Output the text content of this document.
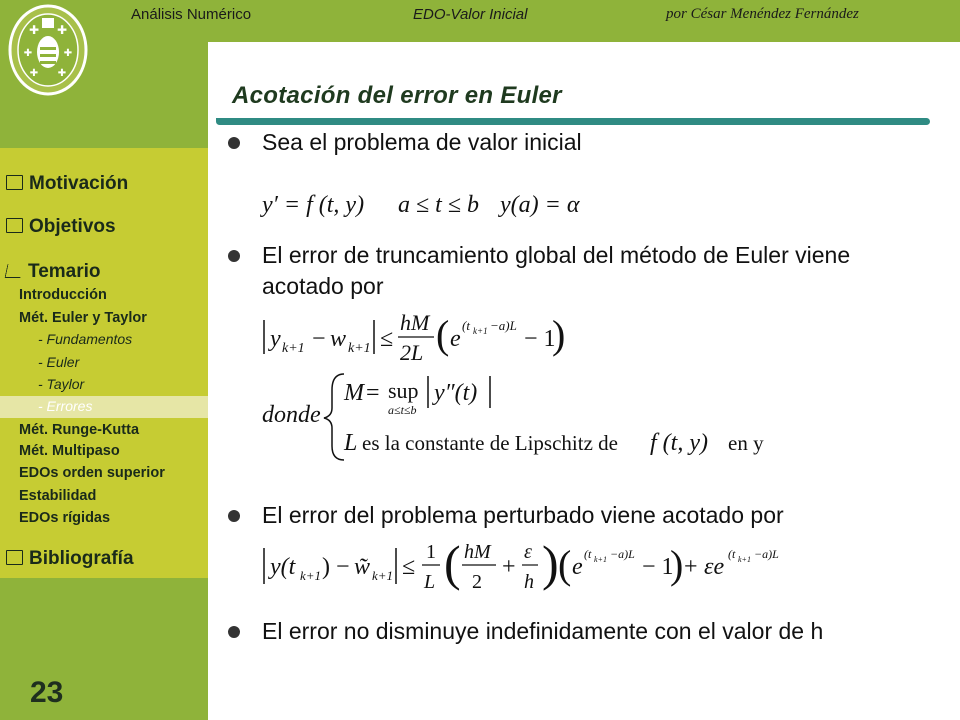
Análisis Numérico	EDO-Valor Inicial	por César Menéndez Fernández
✚ ✚
✚	✚
✚ ✚
Acotación del error en Euler
Motivación
Objetivos
Temario
Introducción
Mét. Euler y Taylor
- Fundamentos
- Euler
- Taylor
- Errores
Mét. Runge-Kutta
Mét. Multipaso
EDOs orden superior
Estabilidad
EDOs rígidas
Bibliografía
23
Sea el problema de valor inicial
y′ = f (t, y) a ≤ t ≤ b y(a) = α
El error de truncamiento global del método de Euler viene acotado por
y k+1 − w k+1 ≤
hM
2L ( e
(t k+1 −a)L
− 1
)
donde
M = sup
a≤t≤b
y″(t)
L es la constante de Lipschitz de f (t, y) en y
El error del problema perturbado viene acotado por
y(t k+1 ) − w̃ k+1 ≤
1
L ( hM
2
+
ε
h ) ( e (t k+1 −a)L − 1
) + εe (t k+1 −a)L
El error no disminuye indefinidamente con el valor de h
